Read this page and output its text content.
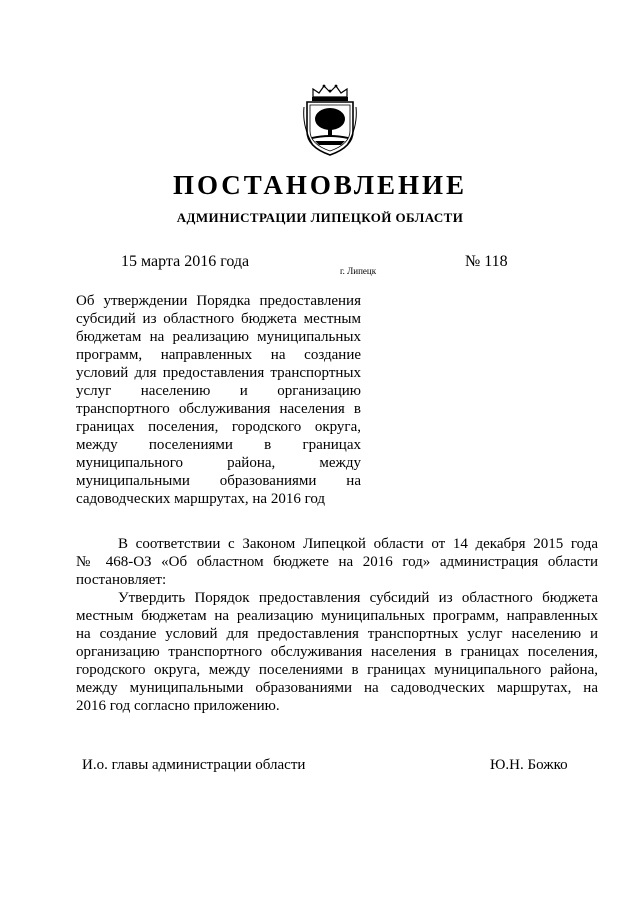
ПОСТАНОВЛЕНИЕ
АДМИНИСТРАЦИИ ЛИПЕЦКОЙ ОБЛАСТИ
15 марта 2016 года
г. Липецк
№ 118
Об утверждении Порядка предоставления
субсидий из областного бюджета местным
бюджетам на реализацию муниципальных
программ, направленных на создание
условий для предоставления транспортных
услуг населению и организацию
транспортного обслуживания населения в
границах поселения, городского округа,
между поселениями в границах
муниципального района, между
муниципальными образованиями на
садоводческих маршрутах, на 2016 год
В соответствии с Законом Липецкой области от 14 декабря 2015 года
№ 468-ОЗ «Об областном бюджете на 2016 год» администрация области
постановляет:
Утвердить Порядок предоставления субсидий из областного бюджета
местным бюджетам на реализацию муниципальных программ, направленных
на создание условий для предоставления транспортных услуг населению и
организацию транспортного обслуживания населения в границах поселения,
городского округа, между поселениями в границах муниципального района,
между муниципальными образованиями на садоводческих маршрутах, на
2016 год согласно приложению.
И.о. главы администрации области	Ю.Н. Божко
